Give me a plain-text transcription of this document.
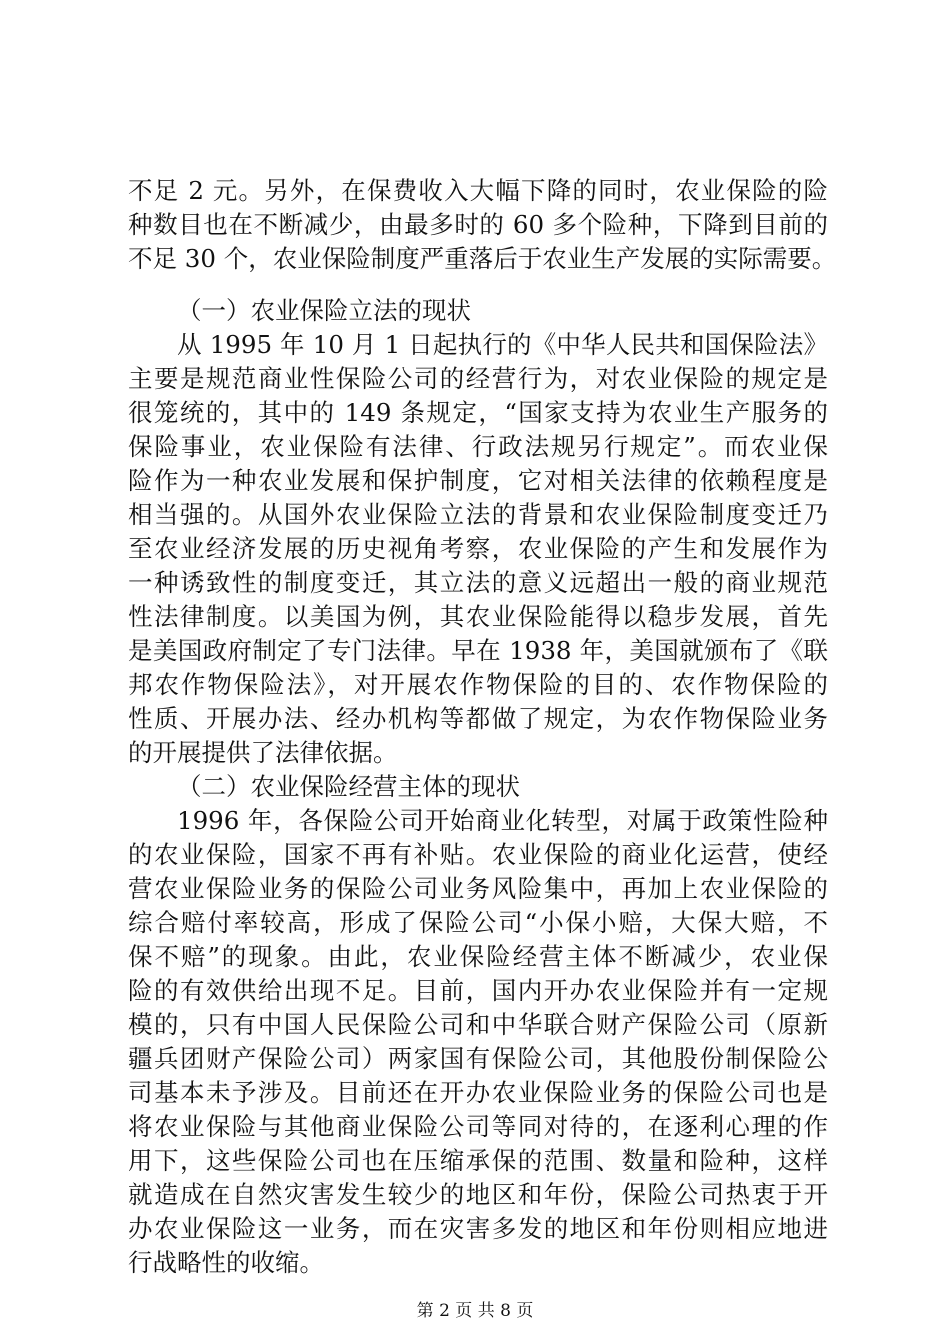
不足 2 元。另外，在保费收入大幅下降的同时，农业保险的险
种数目也在不断减少，由最多时的 60 多个险种，下降到目前的
不足 30 个，农业保险制度严重落后于农业生产发展的实际需要。
（一）农业保险立法的现状
从 1995 年 10 月 1 日起执行的《中华人民共和国保险法》
主要是规范商业性保险公司的经营行为，对农业保险的规定是
很笼统的，其中的 149 条规定，“国家支持为农业生产服务的
保险事业，农业保险有法律、行政法规另行规定”。而农业保
险作为一种农业发展和保护制度，它对相关法律的依赖程度是
相当强的。从国外农业保险立法的背景和农业保险制度变迁乃
至农业经济发展的历史视角考察，农业保险的产生和发展作为
一种诱致性的制度变迁，其立法的意义远超出一般的商业规范
性法律制度。以美国为例，其农业保险能得以稳步发展，首先
是美国政府制定了专门法律。早在 1938 年，美国就颁布了《联
邦农作物保险法》，对开展农作物保险的目的、农作物保险的
性质、开展办法、经办机构等都做了规定，为农作物保险业务
的开展提供了法律依据。
（二）农业保险经营主体的现状
1996 年，各保险公司开始商业化转型，对属于政策性险种
的农业保险，国家不再有补贴。农业保险的商业化运营，使经
营农业保险业务的保险公司业务风险集中，再加上农业保险的
综合赔付率较高，形成了保险公司“小保小赔，大保大赔，不
保不赔”的现象。由此，农业保险经营主体不断减少，农业保
险的有效供给出现不足。目前，国内开办农业保险并有一定规
模的，只有中国人民保险公司和中华联合财产保险公司（原新
疆兵团财产保险公司）两家国有保险公司，其他股份制保险公
司基本未予涉及。目前还在开办农业保险业务的保险公司也是
将农业保险与其他商业保险公司等同对待的，在逐利心理的作
用下，这些保险公司也在压缩承保的范围、数量和险种，这样
就造成在自然灾害发生较少的地区和年份，保险公司热衷于开
办农业保险这一业务，而在灾害多发的地区和年份则相应地进
行战略性的收缩。
第 2 页 共 8 页
